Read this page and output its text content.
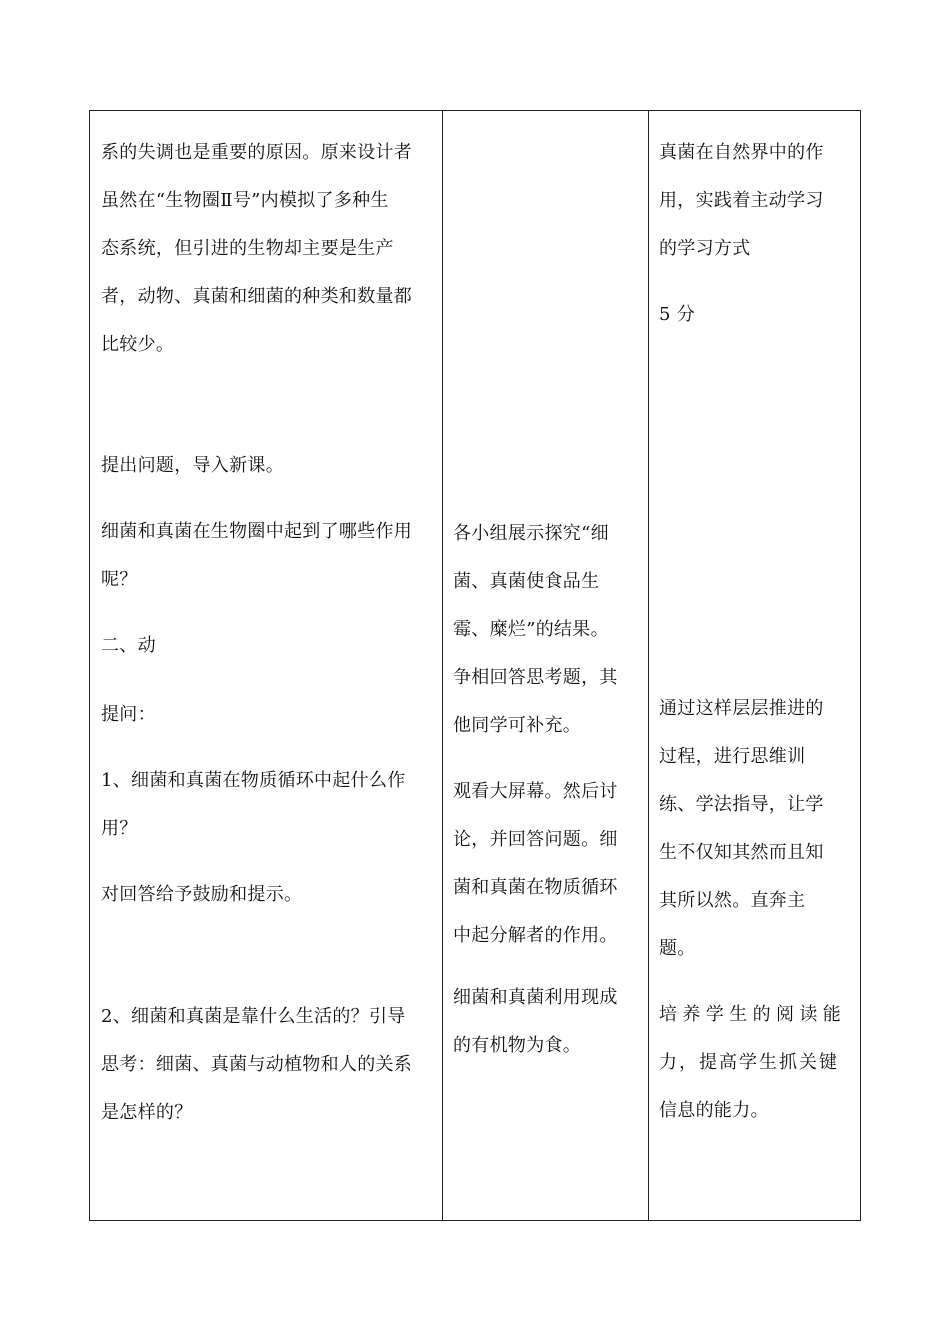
系的失调也是重要的原因。原来设计者
虽然在“生物圈Ⅱ号”内模拟了多种生
态系统，但引进的生物却主要是生产
者，动物、真菌和细菌的种类和数量都
比较少。
提出问题，导入新课。
细菌和真菌在生物圈中起到了哪些作用
呢？
二、动
提问：
1、细菌和真菌在物质循环中起什么作
用？
对回答给予鼓励和提示。
2、细菌和真菌是靠什么生活的？引导
思考：细菌、真菌与动植物和人的关系
是怎样的？
各小组展示探究“细
菌、真菌使食品生
霉、糜烂”的结果。
争相回答思考题，其
他同学可补充。
观看大屏幕。然后讨
论，并回答问题。细
菌和真菌在物质循环
中起分解者的作用。
细菌和真菌利用现成
的有机物为食。
真菌在自然界中的作
用，实践着主动学习
的学习方式
5 分
通过这样层层推进的
过程，进行思维训
练、学法指导，让学
生不仅知其然而且知
其所以然。直奔主
题。
培养学生的阅读能
力，提高学生抓关键
信息的能力。
